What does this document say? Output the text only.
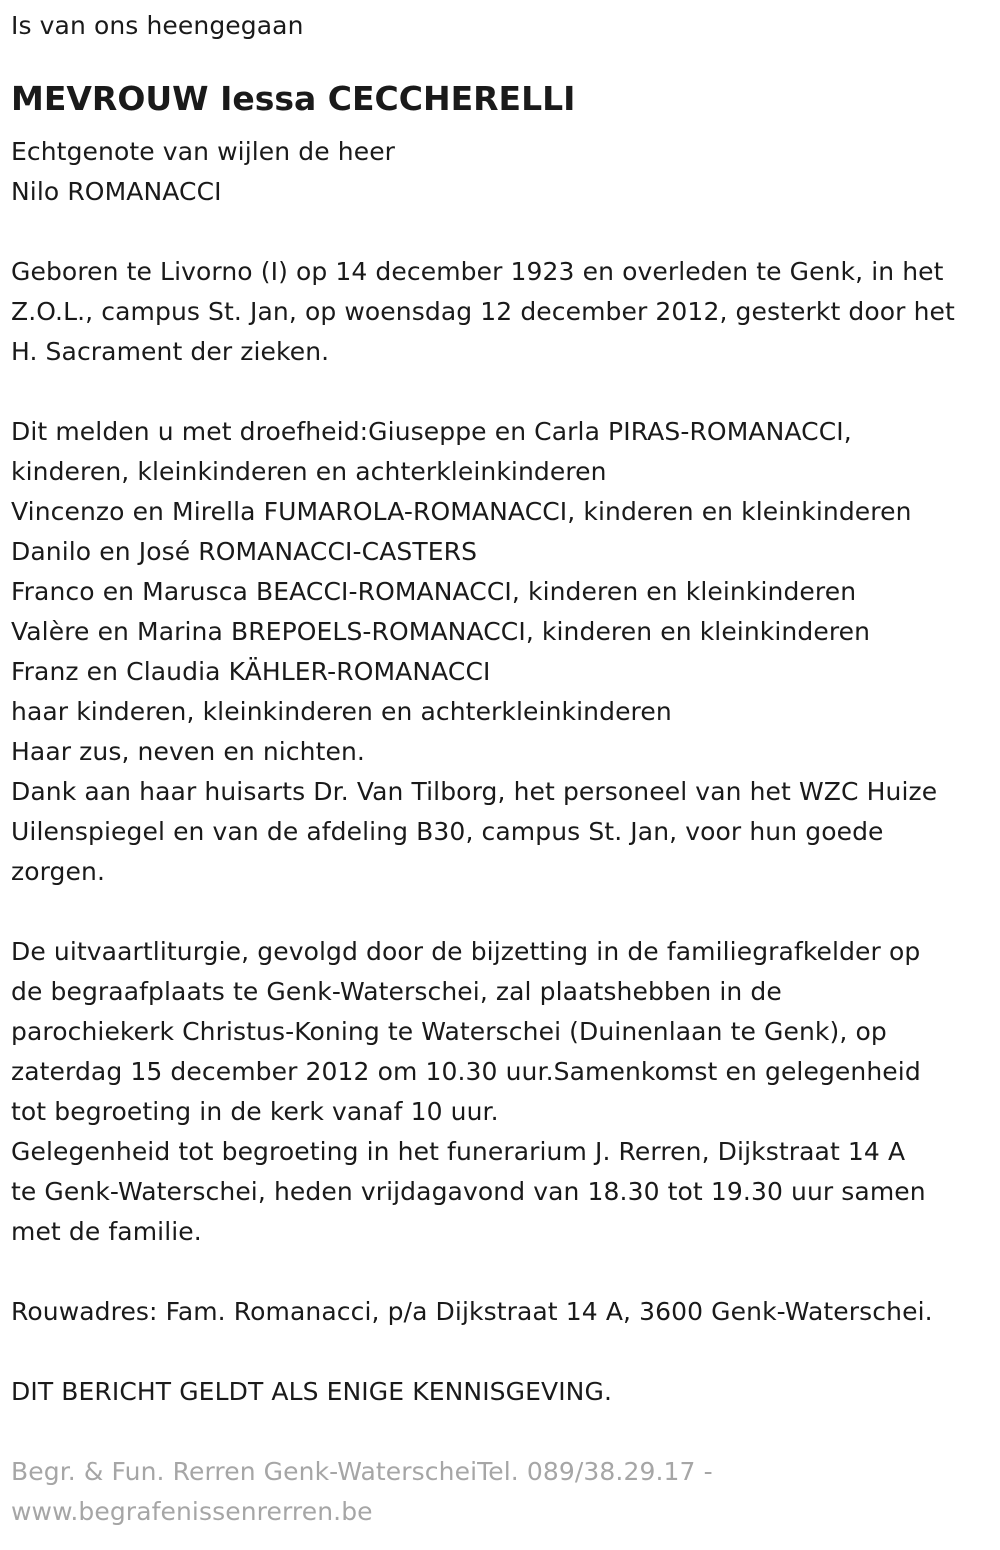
Is van ons heengegaan
MEVROUW Iessa CECCHERELLI
Echtgenote van wijlen de heer
Nilo ROMANACCI
Geboren te Livorno (I) op 14 december 1923 en overleden te Genk, in het
Z.O.L., campus St. Jan, op woensdag 12 december 2012, gesterkt door het
H. Sacrament der zieken.
Dit melden u met droefheid:Giuseppe en Carla PIRAS-ROMANACCI,
kinderen, kleinkinderen en achterkleinkinderen
Vincenzo en Mirella FUMAROLA-ROMANACCI, kinderen en kleinkinderen
Danilo en José ROMANACCI-CASTERS
Franco en Marusca BEACCI-ROMANACCI, kinderen en kleinkinderen
Valère en Marina BREPOELS-ROMANACCI, kinderen en kleinkinderen
Franz en Claudia KÄHLER-ROMANACCI
haar kinderen, kleinkinderen en achterkleinkinderen
Haar zus, neven en nichten.
Dank aan haar huisarts Dr. Van Tilborg, het personeel van het WZC Huize
Uilenspiegel en van de afdeling B30, campus St. Jan, voor hun goede
zorgen.
De uitvaartliturgie, gevolgd door de bijzetting in de familiegrafkelder op
de begraafplaats te Genk-Waterschei, zal plaatshebben in de
parochiekerk Christus-Koning te Waterschei (Duinenlaan te Genk), op
zaterdag 15 december 2012 om 10.30 uur.Samenkomst en gelegenheid
tot begroeting in de kerk vanaf 10 uur.
Gelegenheid tot begroeting in het funerarium J. Rerren, Dijkstraat 14 A
te Genk-Waterschei, heden vrijdagavond van 18.30 tot 19.30 uur samen
met de familie.
Rouwadres: Fam. Romanacci, p/a Dijkstraat 14 A, 3600 Genk-Waterschei.
DIT BERICHT GELDT ALS ENIGE KENNISGEVING.
Begr. & Fun. Rerren Genk-WaterscheiTel. 089/38.29.17 -
www.begrafenissenrerren.be
